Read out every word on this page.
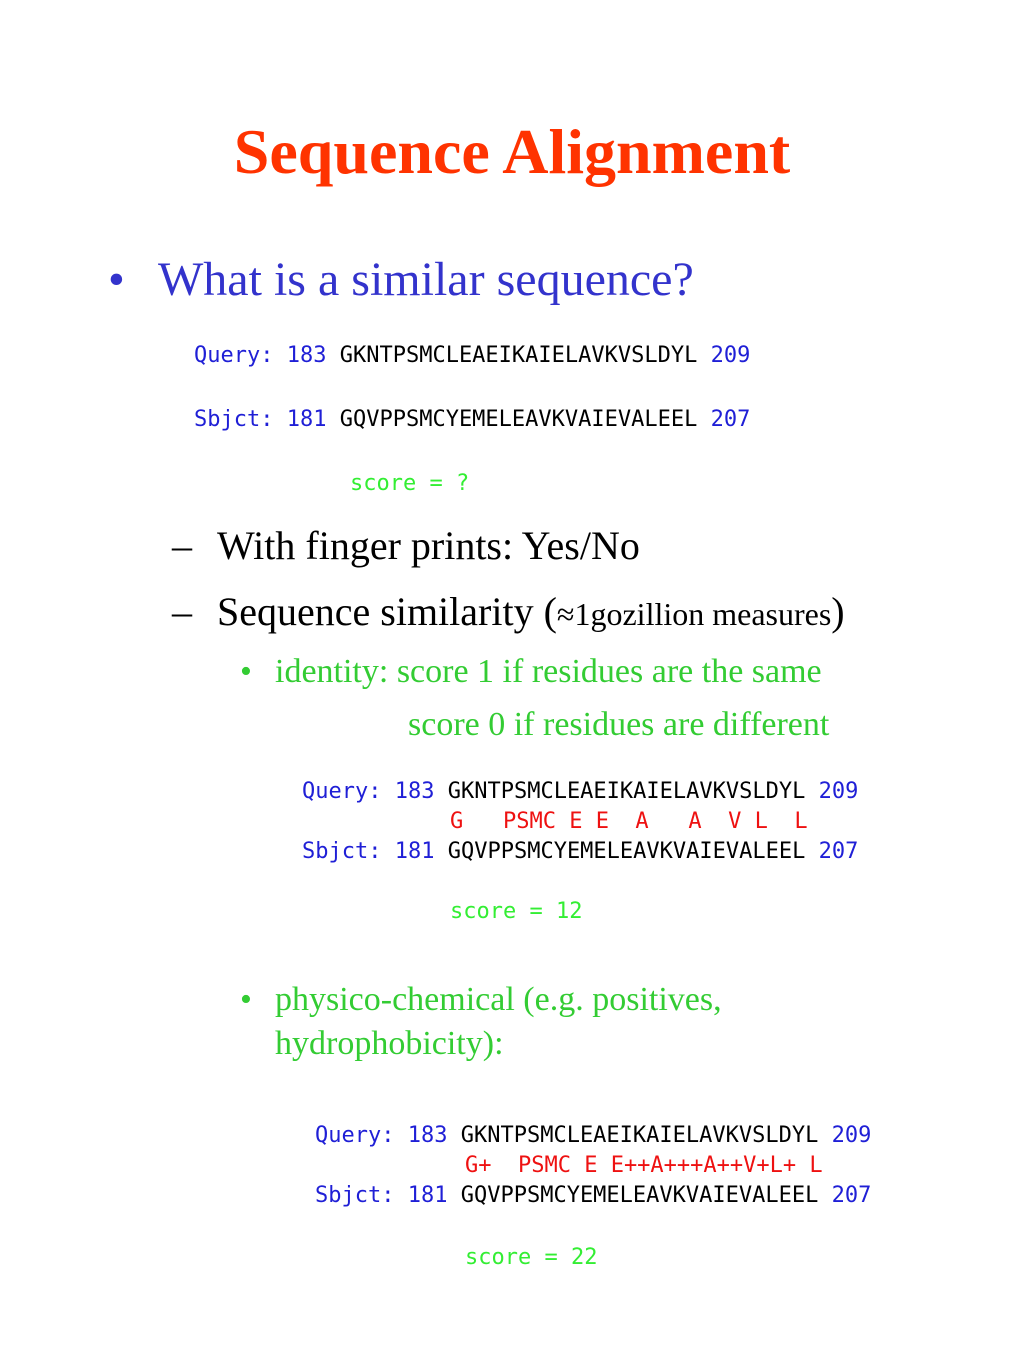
Sequence Alignment
• What is a similar sequence?
Query: 183 GKNTPSMCLEAEIKAIELAVKVSLDYL 209
Sbjct: 181 GQVPPSMCYEMELEAVKVAIEVALEEL 207
score = ?
– With finger prints: Yes/No
– Sequence similarity (≈1gozillion measures)
• identity: score 1 if residues are the same
score 0 if residues are different
Query: 183 GKNTPSMCLEAEIKAIELAVKVSLDYL 209
G   PSMC E E  A   A  V L  L
Sbjct: 181 GQVPPSMCYEMELEAVKVAIEVALEEL 207
score = 12
• physico-chemical (e.g. positives,
hydrophobicity):
Query: 183 GKNTPSMCLEAEIKAIELAVKVSLDYL 209
G+  PSMC E E++A+++A++V+L+ L
Sbjct: 181 GQVPPSMCYEMELEAVKVAIEVALEEL 207
score = 22
